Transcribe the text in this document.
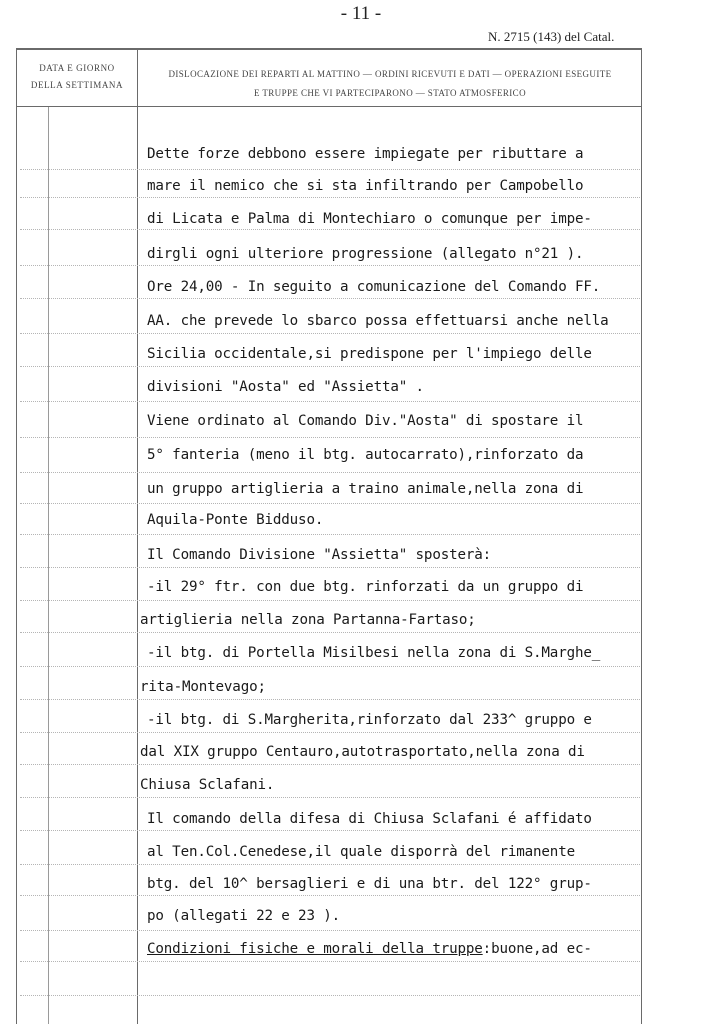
- 11 -
N. 2715 (143) del Catal.
DATA E GIORNO
DELLA SETTIMANA
DISLOCAZIONE DEI REPARTI AL MATTINO — ORDINI RICEVUTI E DATI — OPERAZIONI ESEGUITE
E TRUPPE CHE VI PARTECIPARONO — STATO ATMOSFERICO
Dette forze debbono essere impiegate per ributtare a
mare il nemico che si sta infiltrando per Campobello
di Licata e Palma di Montechiaro o comunque per impe-
dirgli ogni ulteriore progressione (allegato n°21 ).
Ore 24,00 - In seguito a comunicazione del Comando FF.
AA. che prevede lo sbarco possa effettuarsi anche nella
Sicilia occidentale,si predispone per l'impiego delle
divisioni "Aosta" ed "Assietta" .
Viene ordinato al Comando Div."Aosta" di spostare il
5° fanteria (meno il btg. autocarrato),rinforzato da
un gruppo artiglieria a traino animale,nella zona di
Aquila-Ponte Bidduso.
Il Comando Divisione "Assietta" sposterà:
-il 29° ftr. con due btg. rinforzati da un gruppo di
artiglieria nella zona Partanna-Fartaso;
-il btg. di Portella Misilbesi nella zona di S.Marghe_
rita-Montevago;
-il btg. di S.Margherita,rinforzato dal 233^ gruppo e
dal XIX gruppo Centauro,autotrasportato,nella zona di
Chiusa Sclafani.
Il comando della difesa di Chiusa Sclafani é affidato
al Ten.Col.Cenedese,il quale disporrà del rimanente
btg. del 10^ bersaglieri e di una btr. del 122° grup-
po (allegati 22 e 23 ).
Condizioni fisiche e morali della truppe:buone,ad ec-
